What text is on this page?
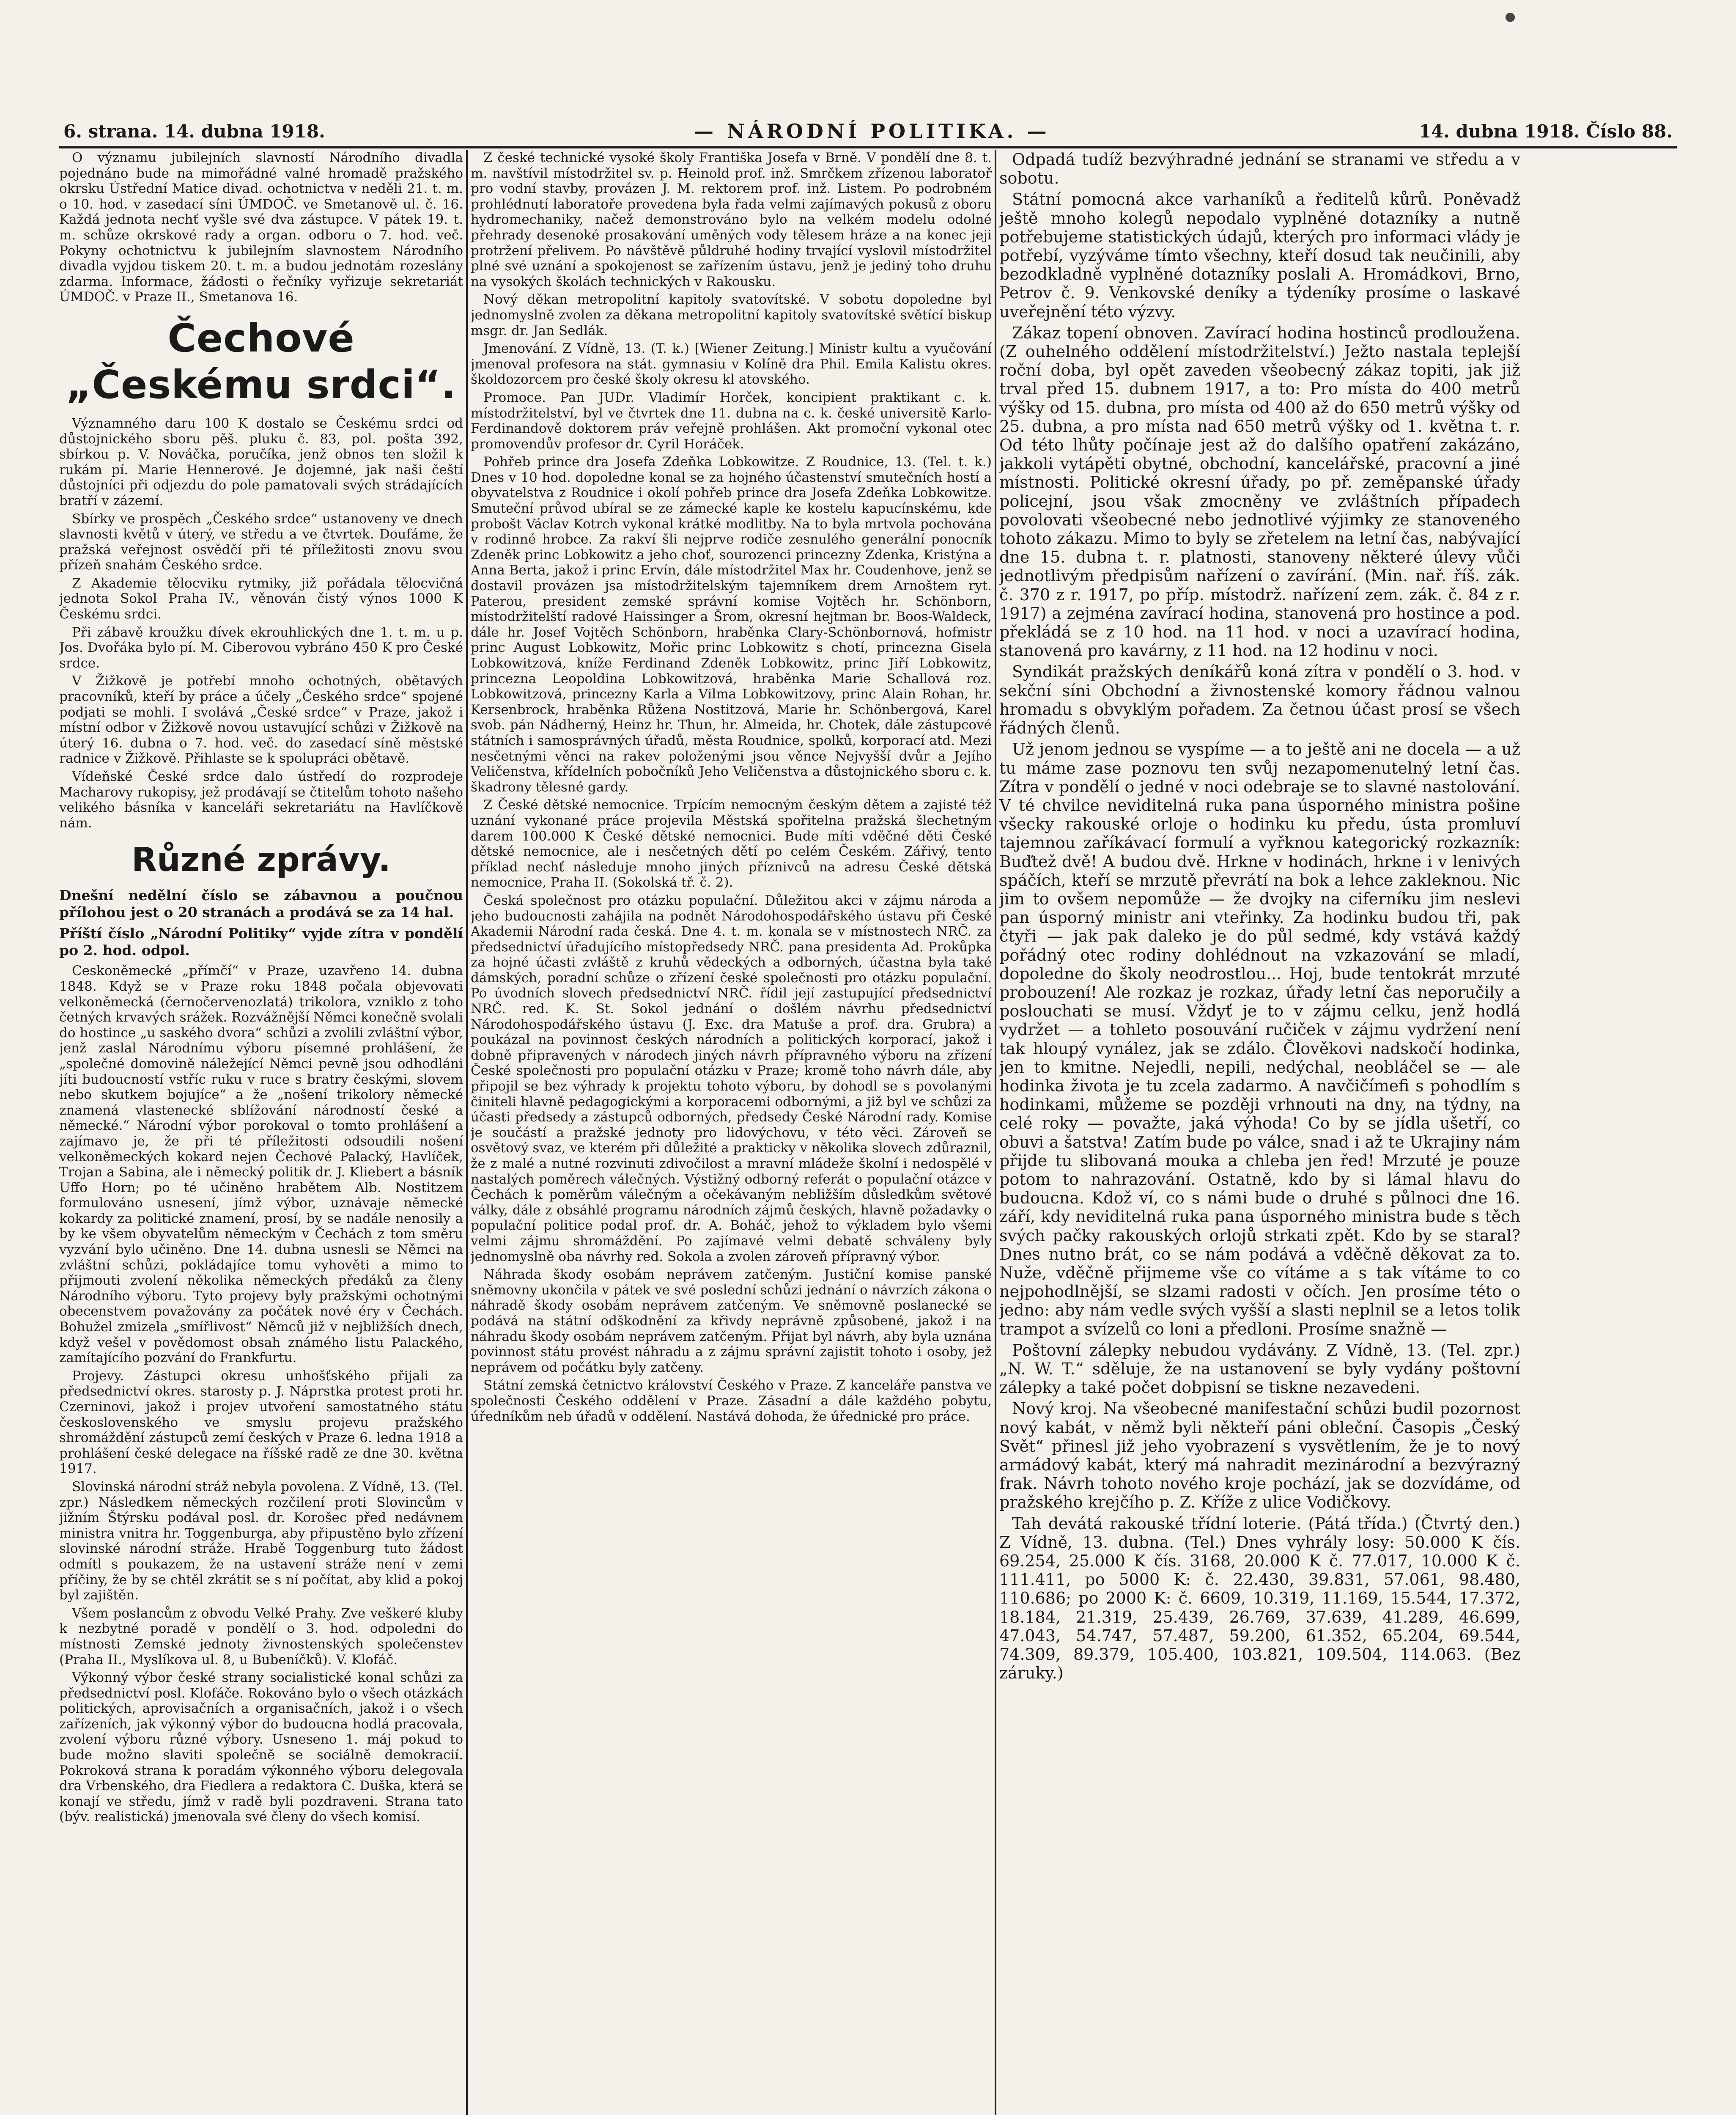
6. strana. 14. dubna 1918.	— NÁRODNÍ POLITIKA. —	14. dubna 1918. Číslo 88.

O významu jubilejních slavností Národního divadla pojednáno bude na mimořádné valné hromadě pražského okrsku Ústřední Matice divad. ochotnictva v neděli 21. t. m. o 10. hod. v zasedací síni ÚMDOČ. ve Smetanově ul. č. 16. Každá jednota nechť vyšle své dva zástupce. V pátek 19. t. m. schůze okrskové rady a organ. odboru o 7. hod. več. Pokyny ochotnictvu k jubilejním slavnostem Národního divadla vyjdou tiskem 20. t. m. a budou jednotám rozeslány zdarma. Informace, žádosti o řečníky vyřizuje sekretariát ÚMDOČ. v Praze II., Smetanova 16.

Čechové „Českému srdci“.

Významného daru 100 K dostalo se Českému srdci od důstojnického sboru pěš. pluku č. 83, pol. pošta 392, sbírkou p. V. Nováčka, poručíka, jenž obnos ten složil k rukám pí. Marie Hennerové. Je dojemné, jak naši čeští důstojníci při odjezdu do pole pamatovali svých strádajících bratří v zázemí.

Sbírky ve prospěch „Českého srdce“ ustanoveny ve dnech slavnosti květů v úterý, ve středu a ve čtvrtek. Doufáme, že pražská veřejnost osvědčí při té příležitosti znovu svou přízeň snahám Českého srdce.

Z Akademie tělocviku rytmiky, již pořádala tělocvičná jednota Sokol Praha IV., věnován čistý výnos 1000 K Českému srdci.

Při zábavě kroužku dívek ekrouhlických dne 1. t. m. u p. Jos. Dvořáka bylo pí. M. Ciberovou vybráno 450 K pro České srdce.

V Žižkově je potřebí mnoho ochotných, obětavých pracovníků, kteří by práce a účely „Českého srdce“ spojené podjati se mohli. I svolává „České srdce“ v Praze, jakož i místní odbor v Žižkově novou ustavující schůzi v Žižkově na úterý 16. dubna o 7. hod. več. do zasedací síně městské radnice v Žižkově. Přihlaste se k spolupráci obětavě.

Vídeňské České srdce dalo ústředí do rozprodeje Macharovy rukopisy, jež prodávají se čtitelům tohoto našeho velikého básníka v kanceláři sekretariátu na Havlíčkově nám.

Různé zprávy.

Dnešní nedělní číslo se zábavnou a poučnou přílohou jest o 20 stranách a prodává se za 14 hal.

Příští číslo „Národní Politiky“ vyjde zítra v pondělí po 2. hod. odpol.

Ceskoněmecké „přímčí“ v Praze, uzavřeno 14. dubna 1848. Když se v Praze roku 1848 počala objevovati velkoněmecká (černočervenozlatá) trikolora, vzniklo z toho četných krvavých srážek. Rozvážnější Němci konečně svolali do hostince „u saského dvora“ schůzi a zvolili zvláštní výbor, jenž zaslal Národnímu výboru písemné prohlášení, že „společné domovině náležející Němci pevně jsou odhodláni jíti budoucností vstříc ruku v ruce s bratry českými, slovem nebo skutkem bojujíce“ a že „nošení trikolory německé znamená vlastenecké sblížování národností české a německé.“ Národní výbor porokoval o tomto prohlášení a zajímavo je, že při té příležitosti odsoudili nošení velkoněmeckých kokard nejen Čechové Palacký, Havlíček, Trojan a Sabina, ale i německý politik dr. J. Kliebert a básník Uffo Horn; po té učiněno hrabětem Alb. Nostitzem formulováno usnesení, jímž výbor, uznávaje německé kokardy za politické znamení, prosí, by se nadále nenosily a by ke všem obyvatelům německým v Čechách z tom směru vyzvání bylo učiněno. Dne 14. dubna usnesli se Němci na zvláštní schůzi, pokládajíce tomu vyhověti a mimo to přijmouti zvolení několika německých předáků za členy Národního výboru. Tyto projevy byly pražskými ochotnými obecenstvem považovány za počátek nové éry v Čechách. Bohužel zmizela „smířlivost“ Němců již v nejbližších dnech, když vešel v povědomost obsah známého listu Palackého, zamítajícího pozvání do Frankfurtu.

Projevy. Zástupci okresu unhošťského přijali za předsednictví okres. starosty p. J. Náprstka protest proti hr. Czerninovi, jakož i projev utvoření samostatného státu československého ve smyslu projevu pražského shromáždění zástupců zemí českých v Praze 6. ledna 1918 a prohlášení české delegace na říšské radě ze dne 30. května 1917.

Slovinská národní stráž nebyla povolena. Z Vídně, 13. (Tel. zpr.) Následkem německých rozčilení proti Slovincům v jižním Štýrsku podával posl. dr. Korošec před nedávnem ministra vnitra hr. Toggenburga, aby připustěno bylo zřízení slovinské národní stráže. Hrabě Toggenburg tuto žádost odmítl s poukazem, že na ustavení stráže není v zemi příčiny, že by se chtěl zkrátit se s ní počítat, aby klid a pokoj byl zajištěn.

Všem poslancům z obvodu Velké Prahy. Zve veškeré kluby k nezbytné poradě v pondělí o 3. hod. odpoledni do místnosti Zemské jednoty živnostenských společenstev (Praha II., Myslíkova ul. 8, u Bubeníčků). V. Klofáč.

Výkonný výbor české strany socialistické konal schůzi za předsednictví posl. Klofáče. Rokováno bylo o všech otázkách politických, aprovisačních a organisačních, jakož i o všech zařízeních, jak výkonný výbor do budoucna hodlá pracovala, zvolení výboru různé výbory. Usneseno 1. máj pokud to bude možno slaviti společně se sociálně demokracií. Pokroková strana k poradám výkonného výboru delegovala dra Vrbenského, dra Fiedlera a redaktora C. Duška, která se konají ve středu, jímž v radě byli pozdraveni. Strana tato (býv. realistická) jmenovala své členy do všech komisí.

Z české technické vysoké školy Františka Josefa v Brně. V pondělí dne 8. t. m. navštívil místodržitel sv. p. Heinold prof. inž. Smrčkem zřízenou laboratoř pro vodní stavby, provázen J. M. rektorem prof. inž. Listem. Po podrobném prohlédnutí laboratoře provedena byla řada velmi zajímavých pokusů z oboru hydromechaniky, načež demonstrováno bylo na velkém modelu odolné přehrady desenoké prosakování uměných vody tělesem hráze a na konec jeji protržení přelivem. Po návštěvě půldruhé hodiny trvající vyslovil místodržitel plné své uznání a spokojenost se zařízením ústavu, jenž je jediný toho druhu na vysokých školách technických v Rakousku.

Nový děkan metropolitní kapitoly svatovítské. V sobotu dopoledne byl jednomyslně zvolen za děkana metropolitní kapitoly svatovítské světící biskup msgr. dr. Jan Sedlák.

Jmenování. Z Vídně, 13. (T. k.) [Wiener Zeitung.] Ministr kultu a vyučování jmenoval profesora na stát. gymnasiu v Kolíně dra Phil. Emila Kalistu okres. školdozorcem pro české školy okresu kl atovského.

Promoce. Pan JUDr. Vladimír Horček, koncipient praktikant c. k. místodržitelství, byl ve čtvrtek dne 11. dubna na c. k. české universitě Karlo-Ferdinandově doktorem práv veřejně prohlášen. Akt promoční vykonal otec promovendův profesor dr. Cyril Horáček.

Pohřeb prince dra Josefa Zdeňka Lobkowitze. Z Roudnice, 13. (Tel. t. k.) Dnes v 10 hod. dopoledne konal se za hojného účastenství smutečních hostí a obyvatelstva z Roudnice i okolí pohřeb prince dra Josefa Zdeňka Lobkowitze. Smuteční průvod ubíral se ze zámecké kaple ke kostelu kapucínskému, kde probošt Václav Kotrch vykonal krátké modlitby. Na to byla mrtvola pochována v rodinné hrobce. Za rakví šli nejprve rodiče zesnulého generální ponocník Zdeněk princ Lobkowitz a jeho choť, sourozenci princezny Zdenka, Kristýna a Anna Berta, jakož i princ Ervín, dále místodržitel Max hr. Coudenhove, jenž se dostavil provázen jsa místodržitelským tajemníkem drem Arnoštem ryt. Paterou, president zemské správní komise Vojtěch hr. Schönborn, místodržitelští radové Haissinger a Šrom, okresní hejtman br. Boos-Waldeck, dále hr. Josef Vojtěch Schönborn, hraběnka Clary-Schönbornová, hofmistr princ August Lobkowitz, Mořic princ Lobkowitz s chotí, princezna Gisela Lobkowitzová, kníže Ferdinand Zdeněk Lobkowitz, princ Jiří Lobkowitz, princezna Leopoldina Lobkowitzová, hraběnka Marie Schallová roz. Lobkowitzová, princezny Karla a Vilma Lobkowitzovy, princ Alain Rohan, hr. Kersenbrock, hraběnka Růžena Nostitzová, Marie hr. Schönbergová, Karel svob. pán Nádherný, Heinz hr. Thun, hr. Almeida, hr. Chotek, dále zástupcové státních i samosprávných úřadů, města Roudnice, spolků, korporací atd. Mezi nesčetnými věnci na rakev položenými jsou věnce Nejvyšší dvůr a Jejího Veličenstva, křídelních pobočníků Jeho Veličenstva a důstojnického sboru c. k. škadrony tělesné gardy.

Z České dětské nemocnice. Trpícím nemocným českým dětem a zajisté též uznání vykonané práce projevila Městská spořitelna pražská šlechetným darem 100.000 K České dětské nemocnici. Bude míti vděčné děti České dětské nemocnice, ale i nesčetných dětí po celém Českém. Zářivý, tento příklad nechť následuje mnoho jiných příznivců na adresu České dětská nemocnice, Praha II. (Sokolská tř. č. 2).

Česká společnost pro otázku populační. Důležitou akci v zájmu národa a jeho budoucnosti zahájila na podnět Národohospodářského ústavu při České Akademii Národní rada česká. Dne 4. t. m. konala se v místnostech NRČ. za předsednictví úřadujícího místopředsedy NRČ. pana presidenta Ad. Prokůpka za hojné účasti zvláště z kruhů vědeckých a odborných, účastna byla také dámských, poradní schůze o zřízení české společnosti pro otázku populační. Po úvodních slovech předsednictví NRČ. řídil její zastupující předsednictví NRČ. red. K. St. Sokol jednání o došlém návrhu předsednictví Národohospodářského ústavu (J. Exc. dra Matuše a prof. dra. Grubra) a poukázal na povinnost českých národních a politických korporací, jakož i dobně připravených v národech jiných návrh přípravného výboru na zřízení České společnosti pro populační otázku v Praze; kromě toho návrh dále, aby připojil se bez výhrady k projektu tohoto výboru, by dohodl se s povolanými činiteli hlavně pedagogickými a korporacemi odbornými, a již byl ve schůzi za účasti předsedy a zástupců odborných, předsedy České Národní rady. Komise je součástí a pražské jednoty pro lidovýchovu, v této věci. Zároveň se osvětový svaz, ve kterém při důležité a prakticky v několika slovech zdůraznil, že z malé a nutné rozvinuti zdivočilost a mravní mládeže školní i nedospělé v nastalých poměrech válečných. Výstižný odborný referát o populační otázce v Čechách k poměrům válečným a očekávaným nebližším důsledkům světové války, dále z obsáhlé programu národních zájmů českých, hlavně požadavky o populační politice podal prof. dr. A. Boháč, jehož to výkladem bylo všemi velmi zájmu shromáždění. Po zajímavé velmi debatě schváleny byly jednomyslně oba návrhy red. Sokola a zvolen zároveň přípravný výbor.

Náhrada škody osobám neprávem zatčeným. Justiční komise panské sněmovny ukončila v pátek ve své poslední schůzi jednání o návrzích zákona o náhradě škody osobám neprávem zatčeným. Ve sněmovně poslanecké se podává na státní odškodnění za křivdy neprávně způsobené, jakož i na náhradu škody osobám neprávem zatčeným. Přijat byl návrh, aby byla uznána povinnost státu provést náhradu a z zájmu správní zajistit tohoto i osoby, jež neprávem od počátku byly zatčeny.

Státní zemská četnictvo království Českého v Praze. Z kanceláře panstva ve společnosti Českého oddělení v Praze. Zásadní a dále každého pobytu, úředníkům neb úřadů v oddělení. Nastává dohoda, že úřednické pro práce.

Odpadá tudíž bezvýhradné jednání se stranami ve středu a v sobotu.

Státní pomocná akce varhaníků a ředitelů kůrů. Poněvadž ještě mnoho kolegů nepodalo vyplněné dotazníky a nutně potřebujeme statistických údajů, kterých pro informaci vlády je potřebí, vyzýváme tímto všechny, kteří dosud tak neučinili, aby bezodkladně vyplněné dotazníky poslali A. Hromádkovi, Brno, Petrov č. 9. Venkovské deníky a týdeníky prosíme o laskavé uveřejnění této výzvy.

Zákaz topení obnoven. Zavírací hodina hostinců prodloužena. (Z ouhelného oddělení místodržitelství.) Ježto nastala teplejší roční doba, byl opět zaveden všeobecný zákaz topiti, jak již trval před 15. dubnem 1917, a to: Pro místa do 400 metrů výšky od 15. dubna, pro místa od 400 až do 650 metrů výšky od 25. dubna, a pro místa nad 650 metrů výšky od 1. května t. r. Od této lhůty počínaje jest až do dalšího opatření zakázáno, jakkoli vytápěti obytné, obchodní, kancelářské, pracovní a jiné místnosti. Politické okresní úřady, po př. zeměpanské úřady policejní, jsou však zmocněny ve zvláštních případech povolovati všeobecné nebo jednotlivé výjimky ze stanoveného tohoto zákazu. Mimo to byly se zřetelem na letní čas, nabývající dne 15. dubna t. r. platnosti, stanoveny některé úlevy vůči jednotlivým předpisům nařízení o zavírání. (Min. nař. říš. zák. č. 370 z r. 1917, po příp. místodrž. nařízení zem. zák. č. 84 z r. 1917) a zejména zavírací hodina, stanovená pro hostince a pod. překládá se z 10 hod. na 11 hod. v noci a uzavírací hodina, stanovená pro kavárny, z 11 hod. na 12 hodinu v noci.

Syndikát pražských deníkářů koná zítra v pondělí o 3. hod. v sekční síni Obchodní a živnostenské komory řádnou valnou hromadu s obvyklým pořadem. Za četnou účast prosí se všech řádných členů.

Už jenom jednou se vyspíme — a to ještě ani ne docela — a už tu máme zase poznovu ten svůj nezapomenutelný letní čas. Zítra v pondělí o jedné v noci odebraje se to slavné nastolování. V té chvilce neviditelná ruka pana úsporného ministra pošine všecky rakouské orloje o hodinku ku předu, ústa promluví tajemnou zaříkávací formulí a vyřknou kategorický rozkazník: Buďtež dvě! A budou dvě. Hrkne v hodinách, hrkne i v lenivých spáčích, kteří se mrzutě převrátí na bok a lehce zakleknou. Nic jim to ovšem nepomůže — že dvojky na ciferníku jim neslevi pan úsporný ministr ani vteřinky. Za hodinku budou tři, pak čtyři — jak pak daleko je do půl sedmé, kdy vstává každý pořádný otec rodiny dohlédnout na vzkazování se mladí, dopoledne do školy neodrostlou... Hoj, bude tentokrát mrzuté probouzení! Ale rozkaz je rozkaz, úřady letní čas neporučily a poslouchati se musí. Vždyť je to v zájmu celku, jenž hodlá vydržet — a tohleto posouvání ručiček v zájmu vydržení není tak hloupý vynález, jak se zdálo. Člověkovi nadskočí hodinka, jen to kmitne. Nejedli, nepili, nedýchal, neobláčel se — ale hodinka života je tu zcela zadarmo. A navčičímefi s pohodlím s hodinkami, můžeme se později vrhnouti na dny, na týdny, na celé roky — považte, jaká výhoda! Co by se jídla ušetří, co obuvi a šatstva! Zatím bude po válce, snad i až te Ukrajiny nám přijde tu slibovaná mouka a chleba jen řed! Mrzuté je pouze potom to nahrazování. Ostatně, kdo by si lámal hlavu do budoucna. Kdož ví, co s námi bude o druhé s půlnoci dne 16. září, kdy neviditelná ruka pana úsporného ministra bude s těch svých pačky rakouských orlojů strkati zpět. Kdo by se staral? Dnes nutno brát, co se nám podává a vděčně děkovat za to. Nuže, vděčně přijmeme vše co vítáme a s tak vítáme to co nejpohodlnější, se slzami radosti v očích. Jen prosíme této o jedno: aby nám vedle svých vyšší a slasti neplnil se a letos tolik trampot a svízelů co loni a předloni. Prosíme snažně —

Poštovní zálepky nebudou vydávány. Z Vídně, 13. (Tel. zpr.) „N. W. T.“ sděluje, že na ustanovení se byly vydány poštovní zálepky a také počet dobpisní se tiskne nezavedeni.

Nový kroj. Na všeobecné manifestační schůzi budil pozornost nový kabát, v němž byli někteří páni obleční. Časopis „Český Svět“ přinesl již jeho vyobrazení s vysvětlením, že je to nový armádový kabát, který má nahradit mezinárodní a bezvýrazný frak. Návrh tohoto nového kroje pochází, jak se dozvídáme, od pražského krejčího p. Z. Kříže z ulice Vodičkovy.

Tah devátá rakouské třídní loterie. (Pátá třída.) (Čtvrtý den.) Z Vídně, 13. dubna. (Tel.) Dnes vyhrály losy: 50.000 K čís. 69.254, 25.000 K čís. 3168, 20.000 K č. 77.017, 10.000 K č. 111.411, po 5000 K: č. 22.430, 39.831, 57.061, 98.480, 110.686; po 2000 K: č. 6609, 10.319, 11.169, 15.544, 17.372, 18.184, 21.319, 25.439, 26.769, 37.639, 41.289, 46.699, 47.043, 54.747, 57.487, 59.200, 61.352, 65.204, 69.544, 74.309, 89.379, 105.400, 103.821, 109.504, 114.063. (Bez záruky.)
